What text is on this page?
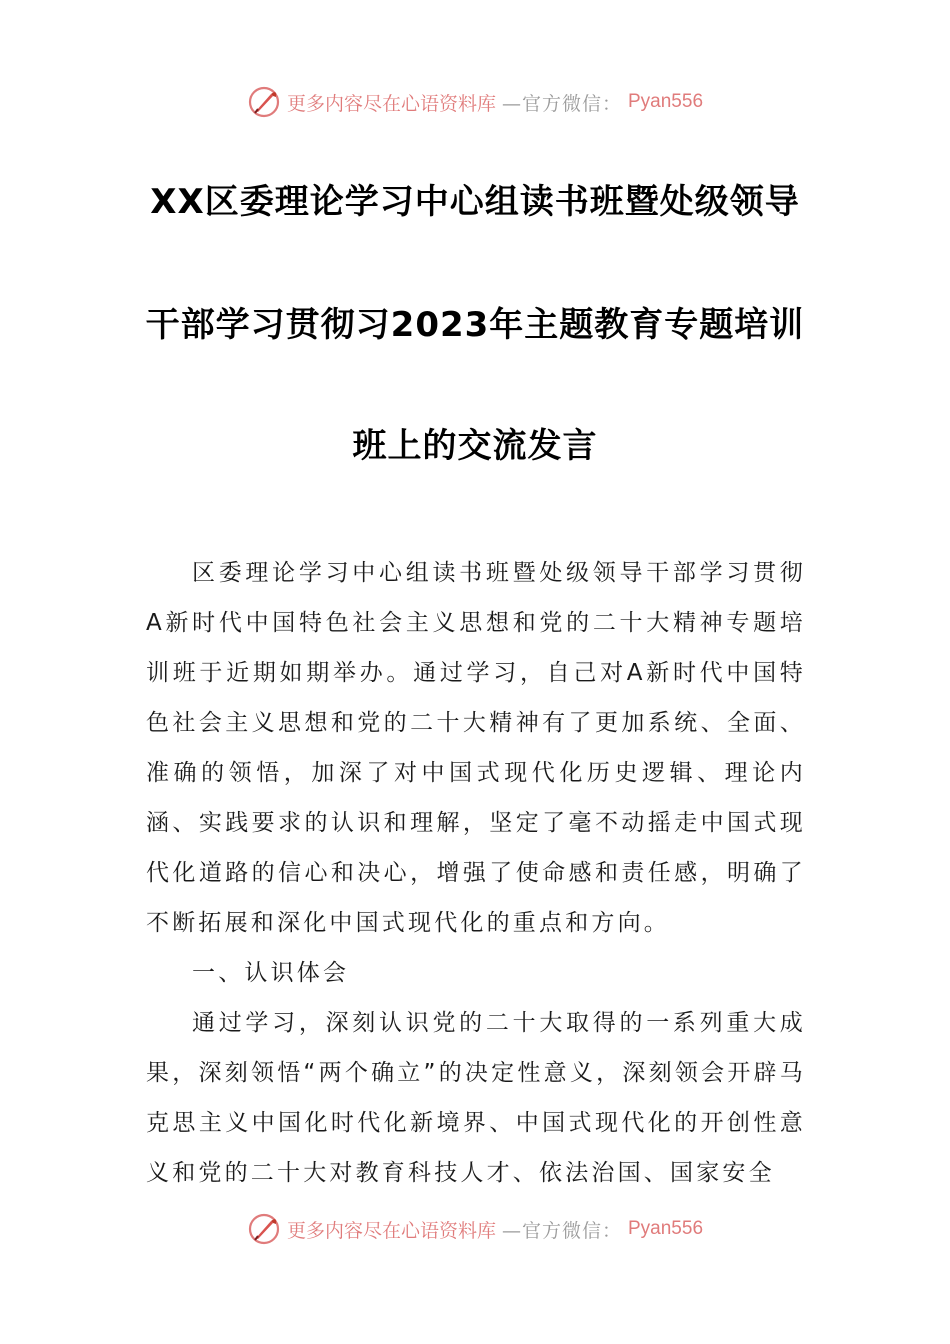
更多内容尽在心语资料库 —官方微信： Pyan556
XX区委理论学习中心组读书班暨处级领导
干部学习贯彻习2023年主题教育专题培训
班上的交流发言

区委理论学习中心组读书班暨处级领导干部学习贯彻A新时代中国特色社会主义思想和党的二十大精神专题培训班于近期如期举办。通过学习，自己对A新时代中国特色社会主义思想和党的二十大精神有了更加系统、全面、准确的领悟，加深了对中国式现代化历史逻辑、理论内涵、实践要求的认识和理解，坚定了毫不动摇走中国式现代化道路的信心和决心，增强了使命感和责任感，明确了不断拓展和深化中国式现代化的重点和方向。

一、认识体会

通过学习，深刻认识党的二十大取得的一系列重大成果，深刻领悟“两个确立”的决定性意义，深刻领会开辟马克思主义中国化时代化新境界、中国式现代化的开创性意义和党的二十大对教育科技人才、依法治国、国家安全

更多内容尽在心语资料库 —官方微信： Pyan556
